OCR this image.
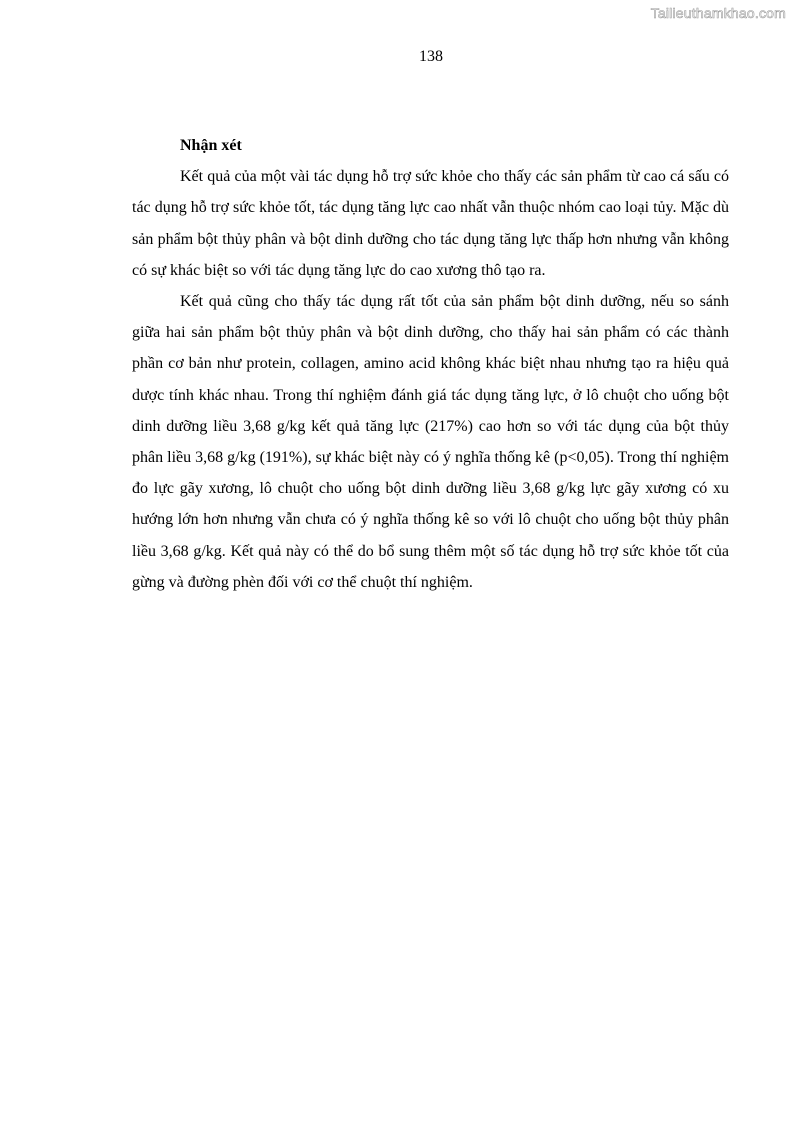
Tailieuthamkhao.com
138

Nhận xét

Kết quả của một vài tác dụng hỗ trợ sức khỏe cho thấy các sản phẩm từ cao cá sấu có tác dụng hỗ trợ sức khỏe tốt, tác dụng tăng lực cao nhất vẫn thuộc nhóm cao loại tủy. Mặc dù sản phẩm bột thủy phân và bột dinh dưỡng cho tác dụng tăng lực thấp hơn nhưng vẫn không có sự khác biệt so với tác dụng tăng lực do cao xương thô tạo ra.

Kết quả cũng cho thấy tác dụng rất tốt của sản phẩm bột dinh dưỡng, nếu so sánh giữa hai sản phẩm bột thủy phân và bột dinh dưỡng, cho thấy hai sản phẩm có các thành phần cơ bản như protein, collagen, amino acid không khác biệt nhau nhưng tạo ra hiệu quả dược tính khác nhau. Trong thí nghiệm đánh giá tác dụng tăng lực, ở lô chuột cho uống bột dinh dưỡng liều 3,68 g/kg kết quả tăng lực (217%) cao hơn so với tác dụng của bột thủy phân liều 3,68 g/kg (191%), sự khác biệt này có ý nghĩa thống kê (p<0,05). Trong thí nghiệm đo lực gãy xương, lô chuột cho uống bột dinh dưỡng liều 3,68 g/kg lực gãy xương có xu hướng lớn hơn nhưng vẫn chưa có ý nghĩa thống kê so với lô chuột cho uống bột thủy phân liều 3,68 g/kg. Kết quả này có thể do bổ sung thêm một số tác dụng hỗ trợ sức khỏe tốt của gừng và đường phèn đối với cơ thể chuột thí nghiệm.
